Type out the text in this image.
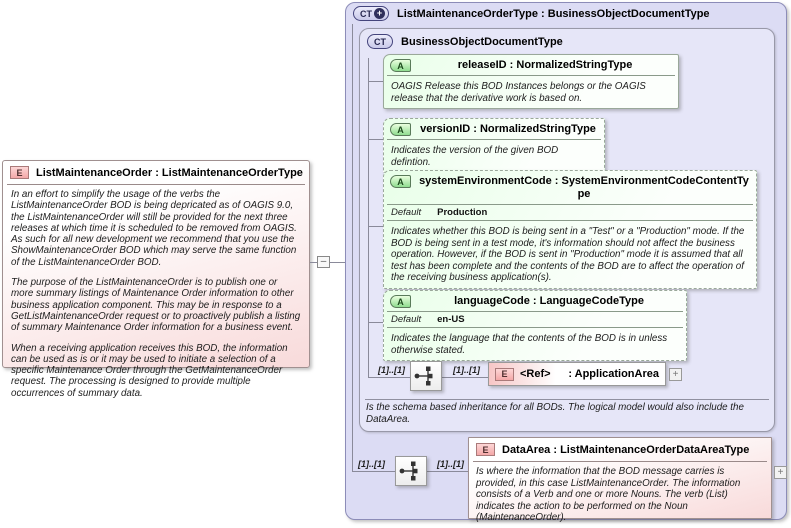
E	ListMaintenanceOrder : ListMaintenanceOrderType
In an effort to simplify the usage of the verbs the ListMaintenanceOrder BOD is being depricated as of OAGIS 9.0, the ListMaintenanceOrder will still be provided for the next three releases at which time it is scheduled to be removed from OAGIS. As such for all new development we recommend that you use the ShowMaintenanceOrder BOD which may serve the same function of the ListMaintenanceOrder BOD.
The purpose of the ListMaintenanceOrder is to publish one or more summary listings of Maintenance Order information to other business application component. This may be in response to a GetListMaintenanceOrder request or to proactively publish a listing of summary Maintenance Order information for a business event.
When a receiving application receives this BOD, the information can be used as is or it may be used to initiate a selection of a specific Maintenance Order through the GetMaintenanceOrder request. The processing is designed to provide multiple occurrences of summary data.
–
CT + ListMaintenanceOrderType : BusinessObjectDocumentType
CT	BusinessObjectDocumentType
A	releaseID : NormalizedStringType
OAGIS Release this BOD Instances belongs or the OAGIS release that the derivative work is based on.
A	versionID : NormalizedStringType
Indicates the version of the given BOD defintion.
A	systemEnvironmentCode : SystemEnvironmentCodeContentType
Default Production
Indicates whether this BOD is being sent in a "Test" or a "Production" mode. If the BOD is being sent in a test mode, it's information should not affect the business operation. However, if the BOD is sent in "Production" mode it is assumed that all test has been complete and the contents of the BOD are to affect the operation of the receiving business application(s).
A	languageCode : LanguageCodeType
Default en-US
Indicates the language that the contents of the BOD is in unless otherwise stated.
[1]..[1]	[1]..[1]	E	<Ref> : ApplicationArea	+
Is the schema based inheritance for all BODs. The logical model would also include the DataArea.
[1]..[1]	[1]..[1]
E	DataArea : ListMaintenanceOrderDataAreaType
Is where the information that the BOD message carries is provided, in this case ListMaintenanceOrder. The information consists of a Verb and one or more Nouns. The verb (List) indicates the action to be performed on the Noun (MaintenanceOrder).
+
